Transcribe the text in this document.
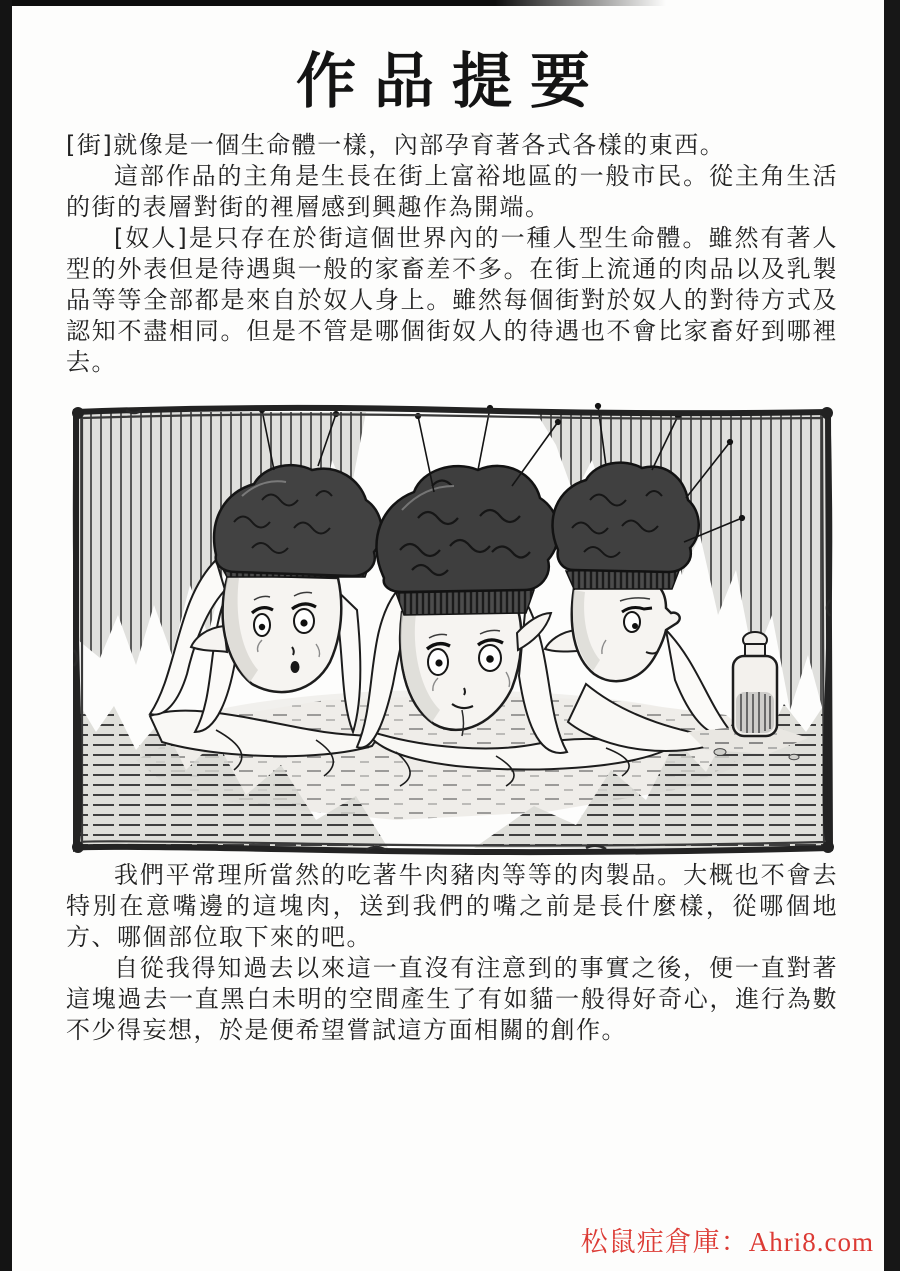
作品提要

[街]就像是一個生命體一樣，內部孕育著各式各樣的東西。

這部作品的主角是生長在街上富裕地區的一般市民。從主角生活的街的表層對街的裡層感到興趣作為開端。

[奴人]是只存在於街這個世界內的一種人型生命體。雖然有著人型的外表但是待遇與一般的家畜差不多。在街上流通的肉品以及乳製品等等全部都是來自於奴人身上。雖然每個街對於奴人的對待方式及認知不盡相同。但是不管是哪個街奴人的待遇也不會比家畜好到哪裡去。

我們平常理所當然的吃著牛肉豬肉等等的肉製品。大概也不會去特別在意嘴邊的這塊肉，送到我們的嘴之前是長什麼樣，從哪個地方、哪個部位取下來的吧。

自從我得知過去以來這一直沒有注意到的事實之後，便一直對著這塊過去一直黑白未明的空間產生了有如貓一般得好奇心，進行為數不少得妄想，於是便希望嘗試這方面相關的創作。

松鼠症倉庫：Ahri8.com
